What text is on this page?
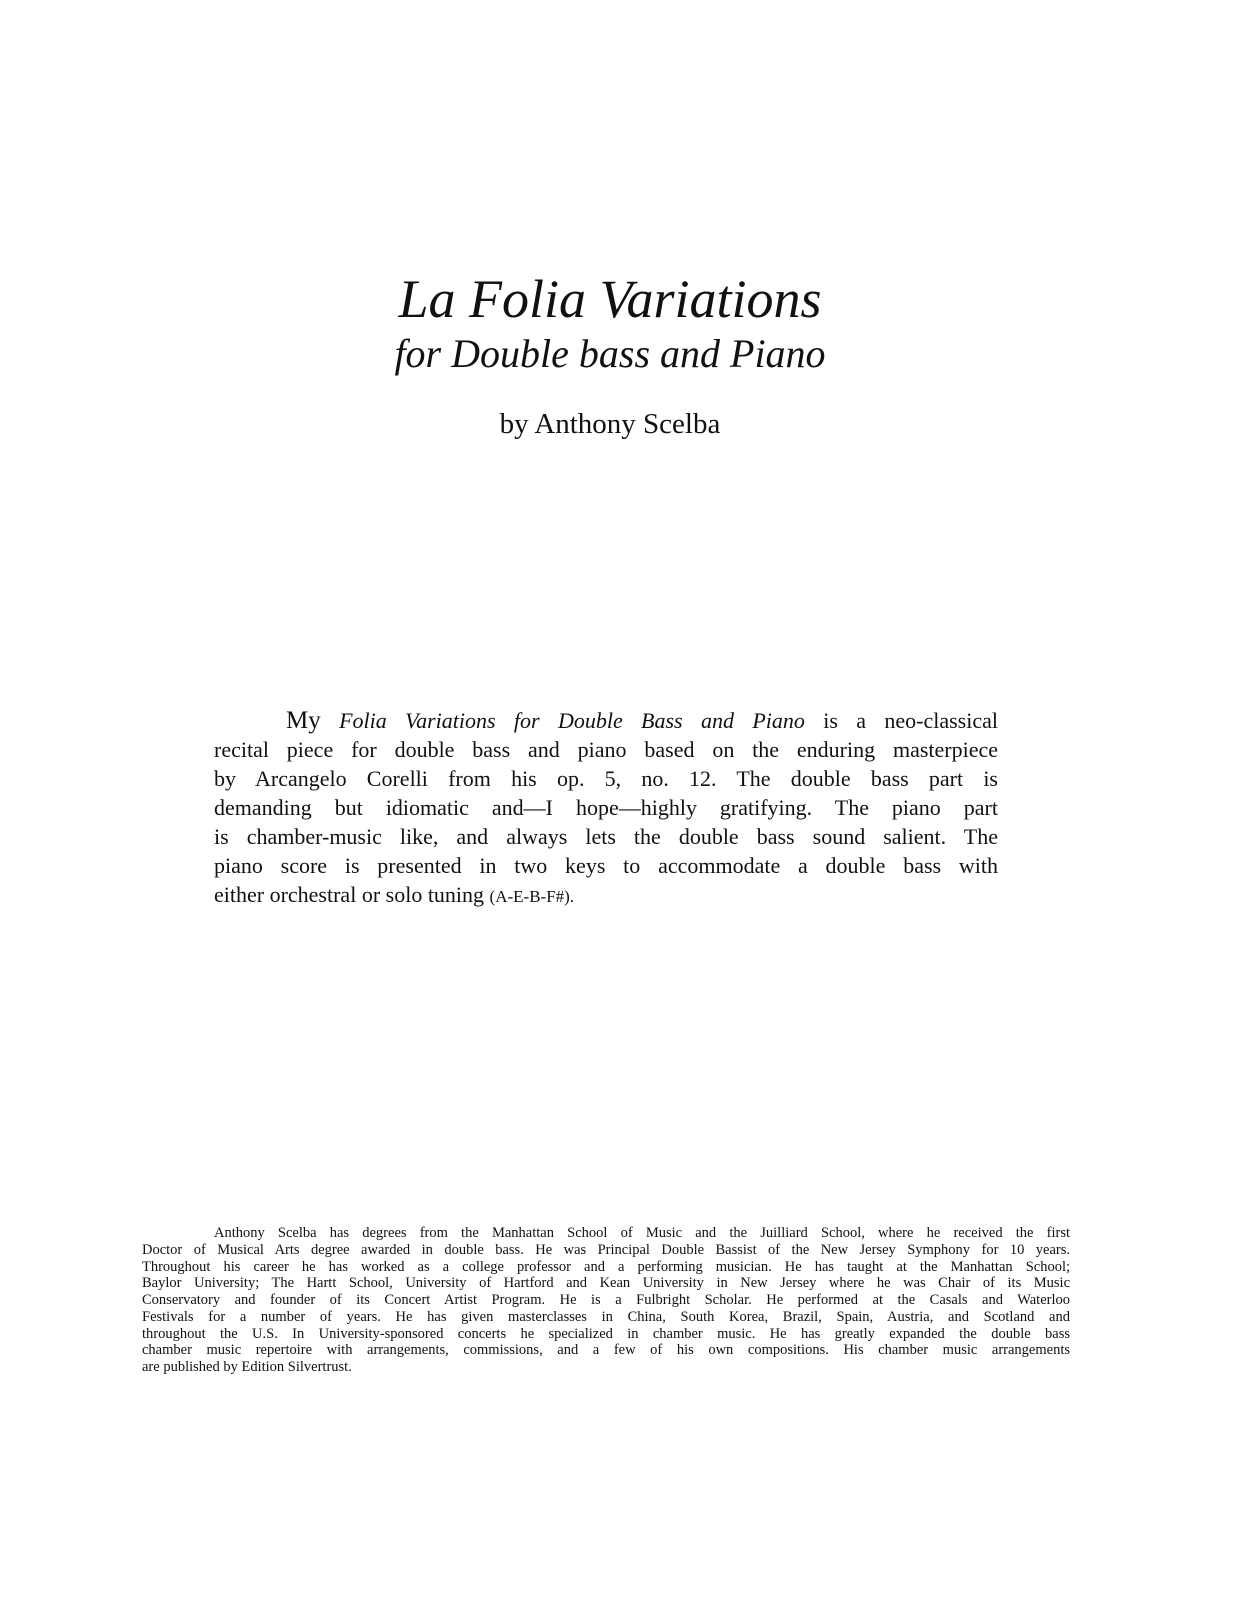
La Folia Variations
for Double bass and Piano
by Anthony Scelba
My Folia Variations for Double Bass and Piano is a neo-classical
recital piece for double bass and piano based on the enduring masterpiece
by Arcangelo Corelli from his op. 5, no. 12. The double bass part is
demanding but idiomatic and—I hope—highly gratifying. The piano part
is chamber-music like, and always lets the double bass sound salient. The
piano score is presented in two keys to accommodate a double bass with
either orchestral or solo tuning (A-E-B-F#).
Anthony Scelba has degrees from the Manhattan School of Music and the Juilliard School, where he received the first
Doctor of Musical Arts degree awarded in double bass. He was Principal Double Bassist of the New Jersey Symphony for 10 years.
Throughout his career he has worked as a college professor and a performing musician. He has taught at the Manhattan School;
Baylor University; The Hartt School, University of Hartford and Kean University in New Jersey where he was Chair of its Music
Conservatory and founder of its Concert Artist Program. He is a Fulbright Scholar. He performed at the Casals and Waterloo
Festivals for a number of years. He has given masterclasses in China, South Korea, Brazil, Spain, Austria, and Scotland and
throughout the U.S. In University-sponsored concerts he specialized in chamber music. He has greatly expanded the double bass
chamber music repertoire with arrangements, commissions, and a few of his own compositions. His chamber music arrangements
are published by Edition Silvertrust.
